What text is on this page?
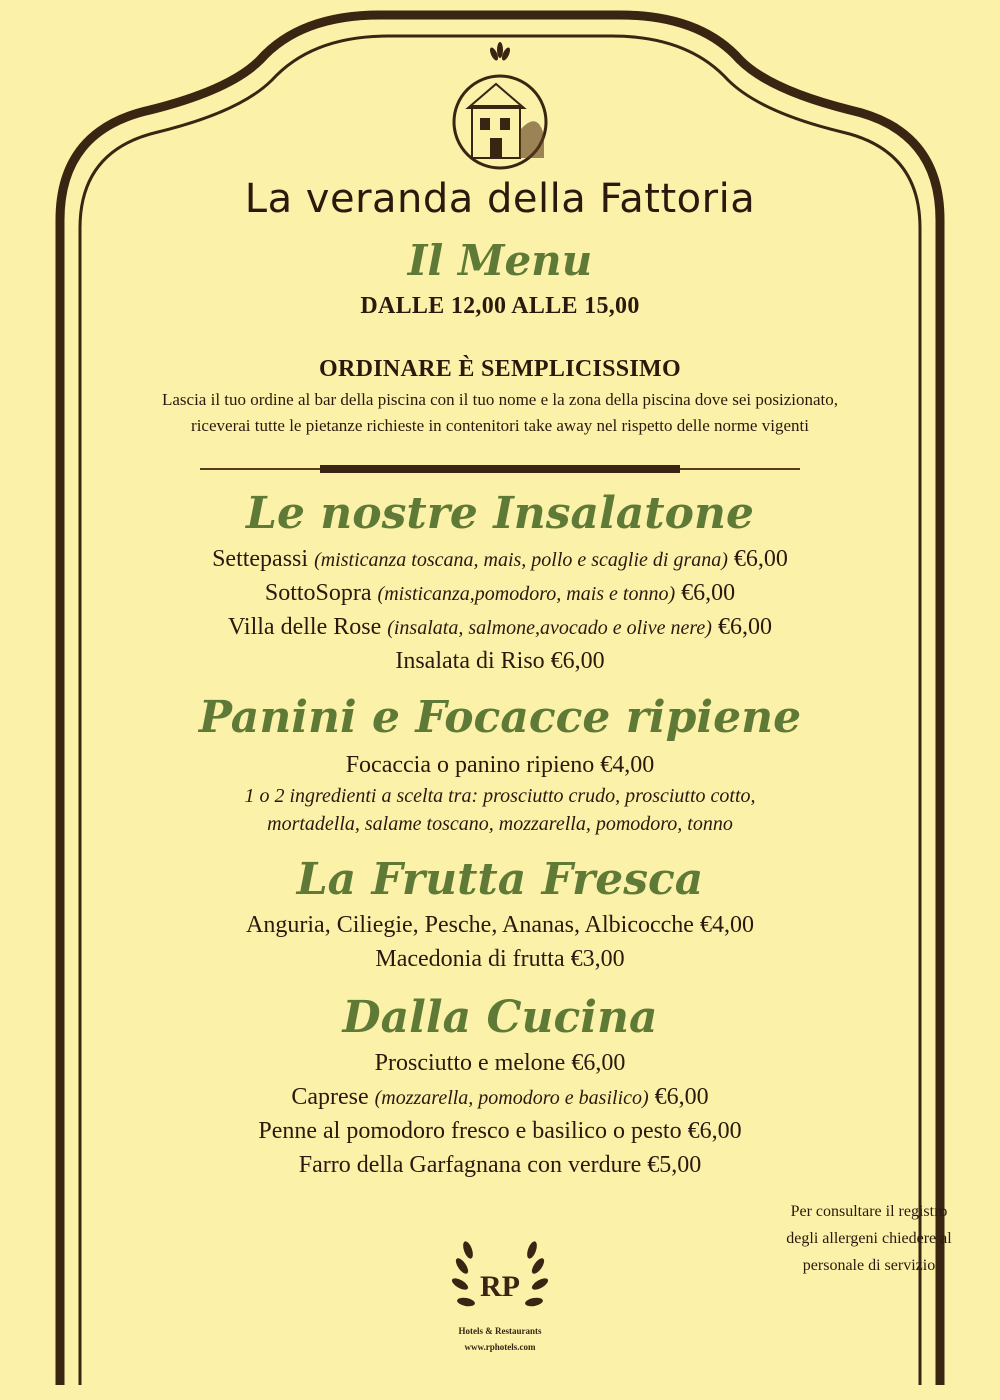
La veranda della Fattoria
Il Menu
DALLE 12,00 ALLE 15,00
ORDINARE È SEMPLICISSIMO
Lascia il tuo ordine al bar della piscina con il tuo nome e la zona della piscina dove sei posizionato,
riceverai tutte le pietanze richieste in contenitori take away nel rispetto delle norme vigenti
Le nostre Insalatone
Settepassi (misticanza toscana, mais, pollo e scaglie di grana) €6,00
SottoSopra (misticanza,pomodoro, mais e tonno) €6,00
Villa delle Rose (insalata, salmone,avocado e olive nere) €6,00
Insalata di Riso €6,00
Panini e Focacce ripiene
Focaccia o panino ripieno €4,00
1 o 2 ingredienti a scelta tra: prosciutto crudo, prosciutto cotto,
mortadella, salame toscano, mozzarella, pomodoro, tonno
La Frutta Fresca
Anguria, Ciliegie, Pesche, Ananas, Albicocche €4,00
Macedonia di frutta €3,00
Dalla Cucina
Prosciutto e melone €6,00
Caprese (mozzarella, pomodoro e basilico) €6,00
Penne al pomodoro fresco e basilico o pesto €6,00
Farro della Garfagnana con verdure €5,00
RP
Hotels & Restaurants
www.rphotels.com
Per consultare il registro
degli allergeni chiedere al
personale di servizio
